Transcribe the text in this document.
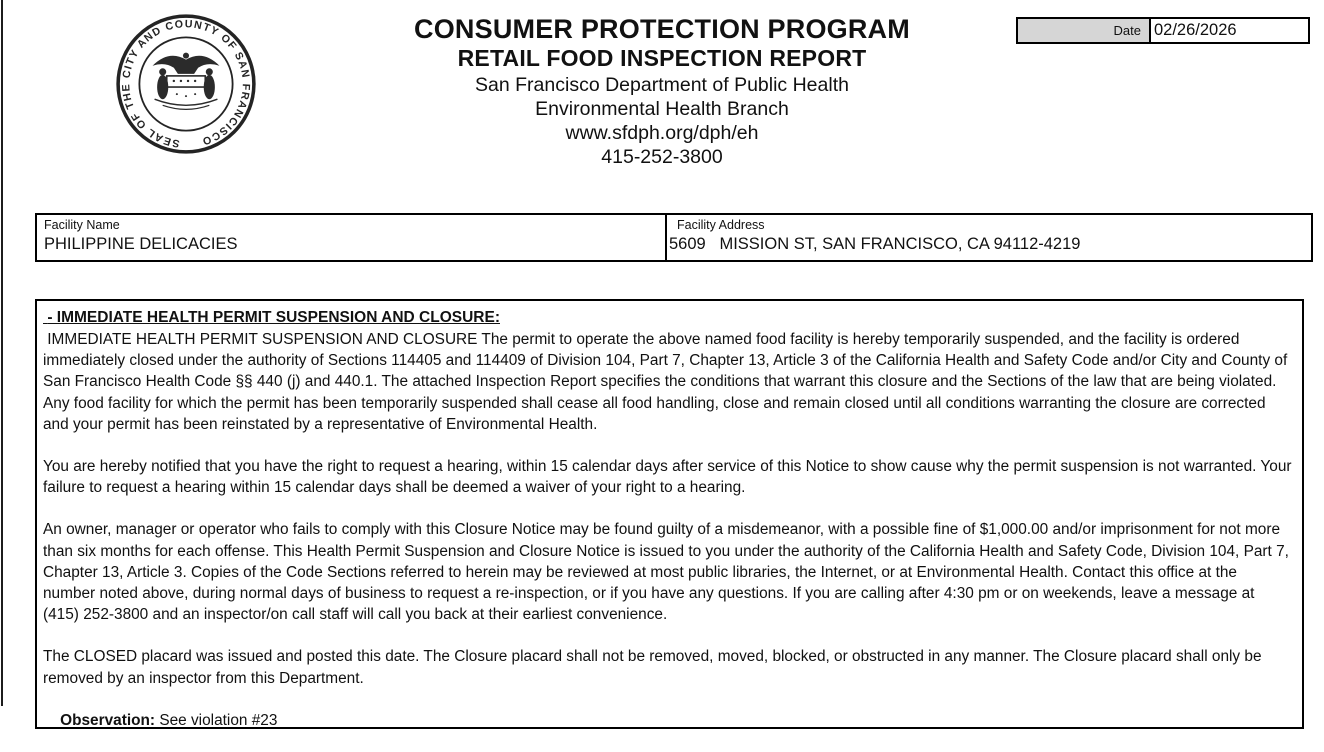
SEAL OF THE CITY AND COUNTY OF SAN FRANCISCO
CONSUMER PROTECTION PROGRAM
RETAIL FOOD INSPECTION REPORT
San Francisco Department of Public Health
Environmental Health Branch
www.sfdph.org/dph/eh
415-252-3800
Date 02/26/2026
Facility Name
PHILIPPINE DELICACIES
Facility Address
5609   MISSION ST, SAN FRANCISCO, CA 94112-4219

- IMMEDIATE HEALTH PERMIT SUSPENSION AND CLOSURE:

IMMEDIATE HEALTH PERMIT SUSPENSION AND CLOSURE The permit to operate the above named food facility is hereby temporarily suspended, and the facility is ordered immediately closed under the authority of Sections 114405 and 114409 of Division 104, Part 7, Chapter 13, Article 3 of the California Health and Safety Code and/or City and County of San Francisco Health Code §§ 440 (j) and 440.1. The attached Inspection Report specifies the conditions that warrant this closure and the Sections of the law that are being violated. Any food facility for which the permit has been temporarily suspended shall cease all food handling, close and remain closed until all conditions warranting the closure are corrected and your permit has been reinstated by a representative of Environmental Health.

You are hereby notified that you have the right to request a hearing, within 15 calendar days after service of this Notice to show cause why the permit suspension is not warranted. Your failure to request a hearing within 15 calendar days shall be deemed a waiver of your right to a hearing.

An owner, manager or operator who fails to comply with this Closure Notice may be found guilty of a misdemeanor, with a possible fine of $1,000.00 and/or imprisonment for not more than six months for each offense. This Health Permit Suspension and Closure Notice is issued to you under the authority of the California Health and Safety Code, Division 104, Part 7, Chapter 13, Article 3. Copies of the Code Sections referred to herein may be reviewed at most public libraries, the Internet, or at Environmental Health. Contact this office at the number noted above, during normal days of business to request a re-inspection, or if you have any questions. If you are calling after 4:30 pm or on weekends, leave a message at (415) 252-3800 and an inspector/on call staff will call you back at their earliest convenience.

The CLOSED placard was issued and posted this date. The Closure placard shall not be removed, moved, blocked, or obstructed in any manner. The Closure placard shall only be removed by an inspector from this Department.

Observation: See violation #23
